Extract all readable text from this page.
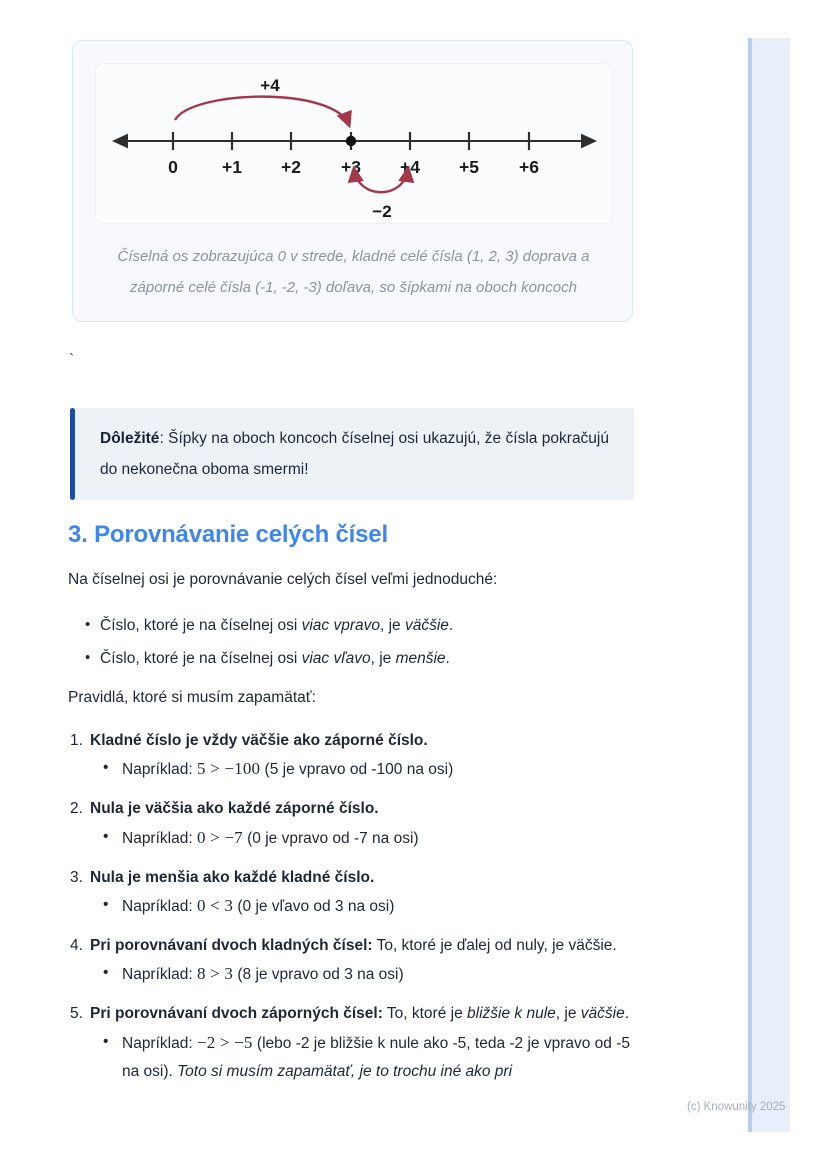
0	+1 +2 +3 +4 +5 +6
+4
−2
Číselná os zobrazujúca 0 v strede, kladné celé čísla (1, 2, 3) doprava a
záporné celé čísla (-1, -2, -3) doľava, so šípkami na oboch koncoch
`

Dôležité: Šípky na oboch koncoch číselnej osi ukazujú, že čísla pokračujú do nekonečna oboma smermi!

3. Porovnávanie celých čísel

Na číselnej osi je porovnávanie celých čísel veľmi jednoduché:

• Číslo, ktoré je na číselnej osi viac vpravo, je väčšie.
• Číslo, ktoré je na číselnej osi viac vľavo, je menšie.

Pravidlá, ktoré si musím zapamätať:

1. Kladné číslo je vždy väčšie ako záporné číslo.
• Napríklad: 5 > −100 (5 je vpravo od -100 na osi)
2. Nula je väčšia ako každé záporné číslo.
• Napríklad: 0 > −7 (0 je vpravo od -7 na osi)
3. Nula je menšia ako každé kladné číslo.
• Napríklad: 0 < 3 (0 je vľavo od 3 na osi)
4. Pri porovnávaní dvoch kladných čísel: To, ktoré je ďalej od nuly, je väčšie.
• Napríklad: 8 > 3 (8 je vpravo od 3 na osi)
5. Pri porovnávaní dvoch záporných čísel: To, ktoré je bližšie k nule, je väčšie.
• Napríklad: −2 > −5 (lebo -2 je bližšie k nule ako -5, teda -2 je vpravo od -5 na osi). Toto si musím zapamätať, je to trochu iné ako pri
(c) Knowunity 2025
